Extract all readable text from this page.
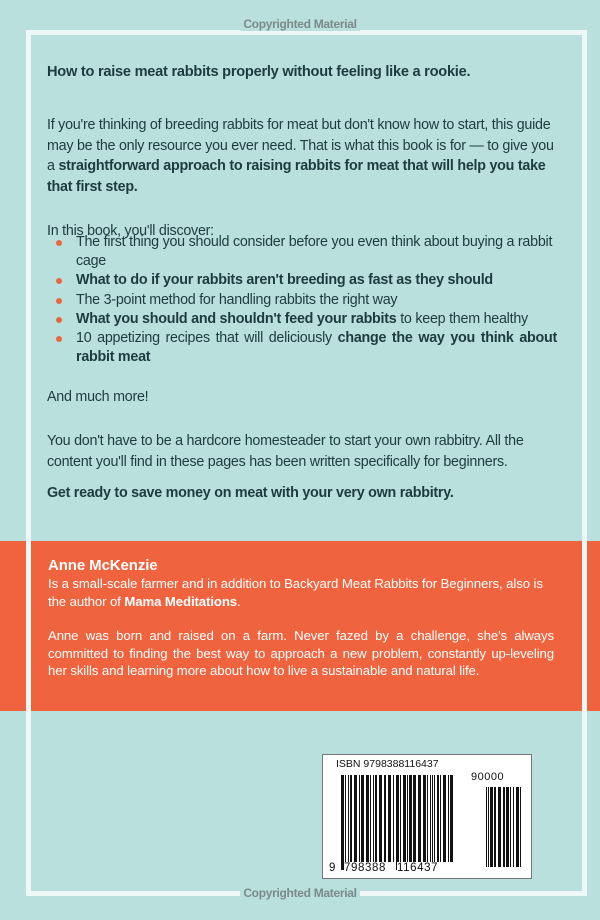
Copyrighted Material
How to raise meat rabbits properly without feeling like a rookie.

If you're thinking of breeding rabbits for meat but don't know how to start, this guide may be the only resource you ever need. That is what this book is for — to give you a straightforward approach to raising rabbits for meat that will help you take that first step.

In this book, you'll discover:
The first thing you should consider before you even think about buying a rabbit cage
What to do if your rabbits aren't breeding as fast as they should
The 3-point method for handling rabbits the right way
What you should and shouldn't feed your rabbits to keep them healthy
10 appetizing recipes that will deliciously change the way you think about rabbit meat
And much more!
You don't have to be a hardcore homesteader to start your own rabbitry. All the content you'll find in these pages has been written specifically for beginners.
Get ready to save money on meat with your very own rabbitry.

Anne McKenzie

Is a small-scale farmer and in addition to Backyard Meat Rabbits for Beginners, also is the author of Mama Meditations.

Anne was born and raised on a farm. Never fazed by a challenge, she's always committed to finding the best way to approach a new problem, constantly up-leveling her skills and learning more about how to live a sustainable and natural life.

ISBN 9798388116437
90000
9 798388 116437
Copyrighted Material
